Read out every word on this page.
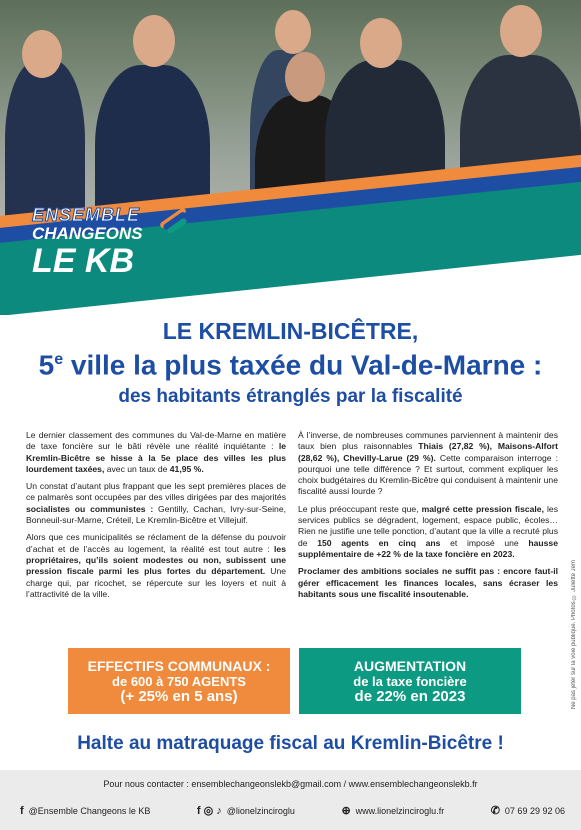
ENSEMBLE
CHANGEONS
LE KB
LE KREMLIN-BICÊTRE,
5e ville la plus taxée du Val-de-Marne :
des habitants étranglés par la fiscalité

Le dernier classement des communes du Val-de-Marne en matière de taxe foncière sur le bâti révèle une réalité inquiétante : le Kremlin-Bicêtre se hisse à la 5e place des villes les plus lourdement taxées, avec un taux de 41,95 %.

Un constat d’autant plus frappant que les sept premières places de ce palmarès sont occupées par des villes dirigées par des majorités socialistes ou communistes : Gentilly, Cachan, Ivry-sur-Seine, Bonneuil-sur-Marne, Créteil, Le Kremlin-Bicêtre et Villejuif.

Alors que ces municipalités se réclament de la défense du pouvoir d’achat et de l’accès au logement, la réalité est tout autre : les propriétaires, qu’ils soient modestes ou non, subissent une pression fiscale parmi les plus fortes du département. Une charge qui, par ricochet, se répercute sur les loyers et nuit à l’attractivité de la ville.

À l’inverse, de nombreuses communes parviennent à maintenir des taux bien plus raisonnables Thiais (27,82 %), Maisons-Alfort (28,62 %), Chevilly-Larue (29 %). Cette comparaison interroge : pourquoi une telle différence ? Et surtout, comment expliquer les choix budgétaires du Kremlin-Bicêtre qui conduisent à maintenir une fiscalité aussi lourde ?

Le plus préoccupant reste que, malgré cette pression fiscale, les services publics se dégradent, logement, espace public, écoles… Rien ne justifie une telle ponction, d’autant que la ville a recruté plus de 150 agents en cinq ans et imposé une hausse supplémentaire de +22 % de la taxe foncière en 2023.

Proclamer des ambitions sociales ne suffit pas : encore faut-il gérer efficacement les finances locales, sans écraser les habitants sous une fiscalité insoutenable.

EFFECTIFS COMMUNAUX :
de 600 à 750 AGENTS
(+ 25% en 5 ans)
AUGMENTATION
de la taxe foncière
de 22% en 2023
Halte au matraquage fiscal au Kremlin-Bicêtre !
Ne pas jeter sur la voie publique. Photos © Juliette Jem
Pour nous contacter : ensemblechangeonslekb@gmail.com / www.ensemblechangeonslekb.fr
f @Ensemble Changeons le KB	f ◎ ♪ @lionelzinciroglu	⊕ www.lionelzinciroglu.fr	✆ 07 69 29 92 06
